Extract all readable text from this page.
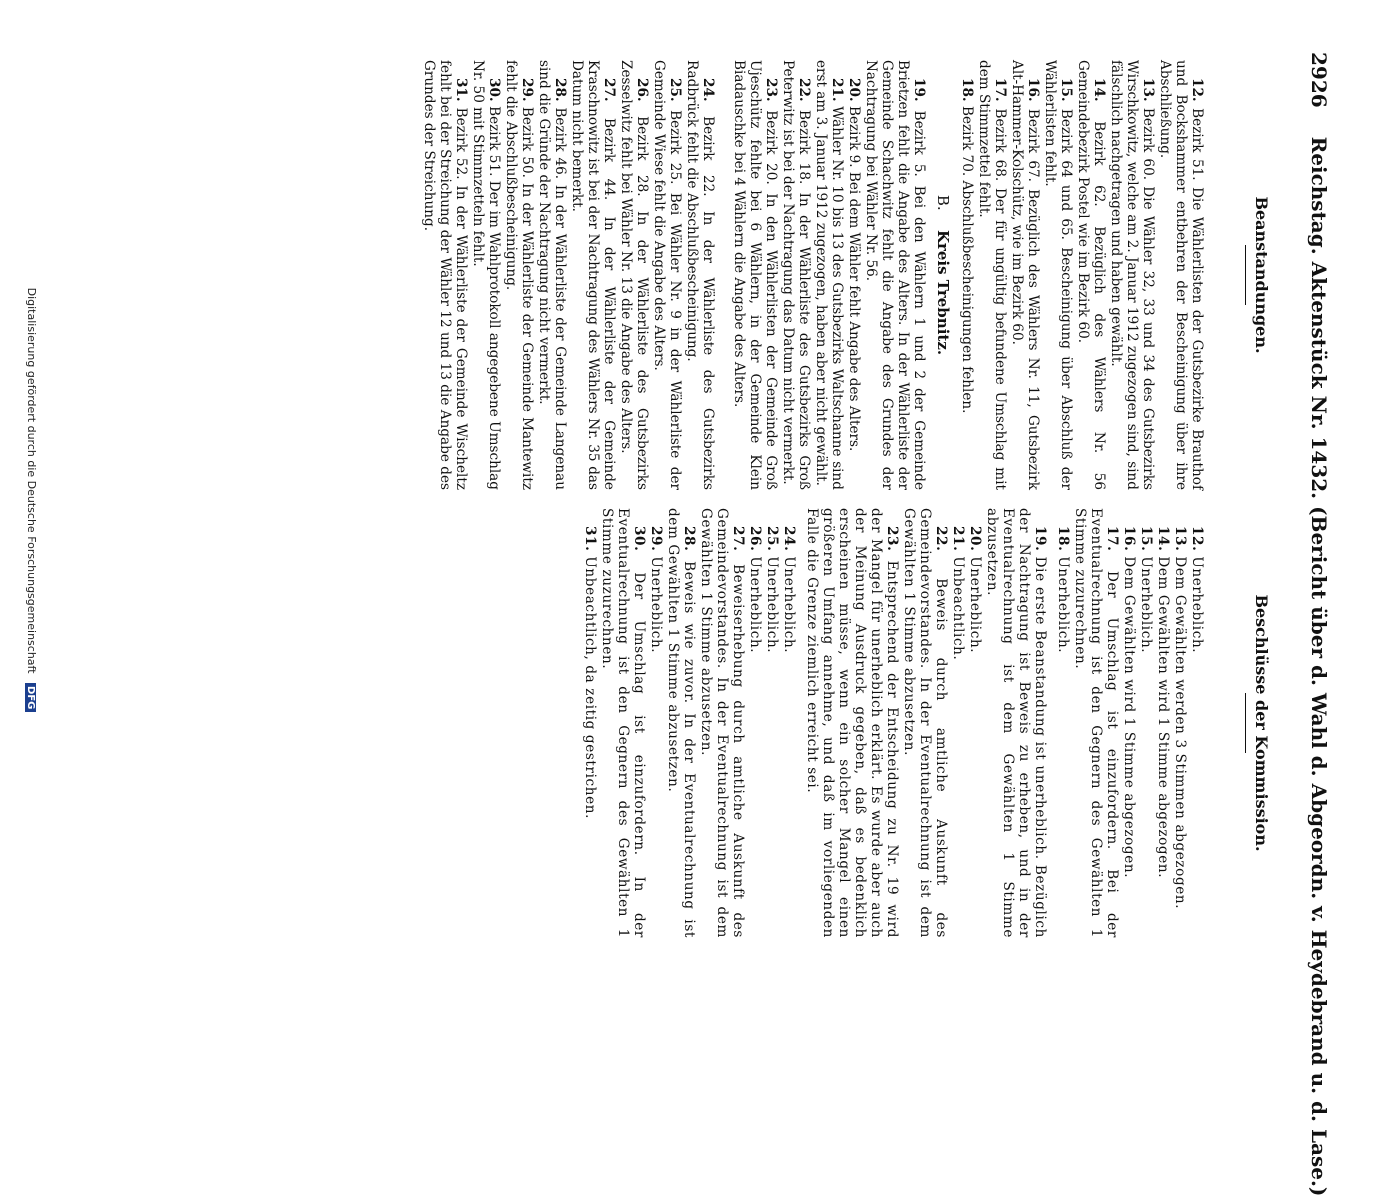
2926 Reichstag. Aktenstück Nr. 1432. (Bericht über d. Wahl d. Abgeordn. v. Heydebrand u. d. Lase.)
Beanstandungen.
Beschlüsse der Kommission.

12. Bezirk 51. Die Wählerlisten der Gutsbezirke Brauthof und Bockshammer entbehren der Bescheinigung über ihre Abschließung.

13. Bezirk 60. Die Wähler 32, 33 und 34 des Gutsbezirks Wirschkowitz, welche am 2. Januar 1912 zugezogen sind, sind fälschlich nachgetragen und haben gewählt.

14. Bezirk 62. Bezüglich des Wählers Nr. 56 Gemeindebezirk Postel wie im Bezirk 60.

15. Bezirk 64 und 65. Bescheinigung über Abschluß der Wählerlisten fehlt.

16. Bezirk 67. Bezüglich des Wählers Nr. 11, Gutsbezirk Alt-Hammer-Kolschütz, wie im Bezirk 60.

17. Bezirk 68. Der für ungültig befundene Umschlag mit dem Stimmzettel fehlt.

18. Bezirk 70. Abschlußbescheinigungen fehlen.

B. Kreis Trebnitz.

19. Bezirk 5. Bei den Wählern 1 und 2 der Gemeinde Brietzen fehlt die Angabe des Alters. In der Wählerliste der Gemeinde Schachwitz fehlt die Angabe des Grundes der Nachtragung bei Wähler Nr. 56.

20. Bezirk 9. Bei dem Wähler fehlt Angabe des Alters.

21. Wähler Nr. 10 bis 13 des Gutsbezirks Waltschanne sind erst am 3. Januar 1912 zugezogen, haben aber nicht gewählt.

22. Bezirk 18. In der Wählerliste des Gutsbezirks Groß Peterwitz ist bei der Nachtragung das Datum nicht vermerkt.

23. Bezirk 20. In den Wählerlisten der Gemeinde Groß Ujeschütz fehlte bei 6 Wählern, in der Gemeinde Klein Biadauschke bei 4 Wählern die Angabe des Alters.

24. Bezirk 22. In der Wählerliste des Gutsbezirks Radbrück fehlt die Abschlußbescheinigung.

25. Bezirk 25. Bei Wähler Nr. 9 in der Wählerliste der Gemeinde Wiese fehlt die Angabe des Alters.

26. Bezirk 28. In der Wählerliste des Gutsbezirks Zesselwitz fehlt bei Wähler Nr. 13 die Angabe des Alters.

27. Bezirk 44. In der Wählerliste der Gemeinde Kraschnowitz ist bei der Nachtragung des Wählers Nr. 35 das Datum nicht bemerkt.

28. Bezirk 46. In der Wählerliste der Gemeinde Langenau sind die Gründe der Nachtragung nicht vermerkt.

29. Bezirk 50. In der Wählerliste der Gemeinde Mantewitz fehlt die Abschlußbescheinigung.

30. Bezirk 51. Der im Wahlprotokoll angegebene Umschlag Nr. 50 mit Stimmzetteln fehlt.

31. Bezirk 52. In der Wählerliste der Gemeinde Wischeltz fehlt bei der Streichung der Wähler 12 und 13 die Angabe des Grundes der Streichung.

12. Unerheblich.

13. Dem Gewählten werden 3 Stimmen abgezogen.

14. Dem Gewählten wird 1 Stimme abgezogen.

15. Unerheblich.

16. Dem Gewählten wird 1 Stimme abgezogen.

17. Der Umschlag ist einzufordern. Bei der Eventualrechnung ist den Gegnern des Gewählten 1 Stimme zuzurechnen.

18. Unerheblich.

19. Die erste Beanstandung ist unerheblich. Bezüglich der Nachtragung ist Beweis zu erheben, und in der Eventualrechnung ist dem Gewählten 1 Stimme abzusetzen.

20. Unerheblich.

21. Unbeachtlich.

22. Beweis durch amtliche Auskunft des Gemeindevorstandes. In der Eventualrechnung ist dem Gewählten 1 Stimme abzusetzen.

23. Entsprechend der Entscheidung zu Nr. 19 wird der Mangel für unerheblich erklärt. Es wurde aber auch der Meinung Ausdruck gegeben, daß es bedenklich erscheinen müsse, wenn ein solcher Mangel einen größeren Umfang annehme, und daß im vorliegenden Falle die Grenze ziemlich erreicht sei.

24. Unerheblich.

25. Unerheblich.

26. Unerheblich.

27. Beweiserhebung durch amtliche Auskunft des Gemeindevorstandes. In der Eventualrechnung ist dem Gewählten 1 Stimme abzusetzen.

28. Beweis wie zuvor. In der Eventualrechnung ist dem Gewählten 1 Stimme abzusetzen.

29. Unerheblich.

30. Der Umschlag ist einzufordern. In der Eventualrechnung ist den Gegnern des Gewählten 1 Stimme zuzurechnen.

31. Unbeachtlich, da zeitig gestrichen.

Digitalisierung gefördert durch die Deutsche Forschungsgemeinschaft DFG
